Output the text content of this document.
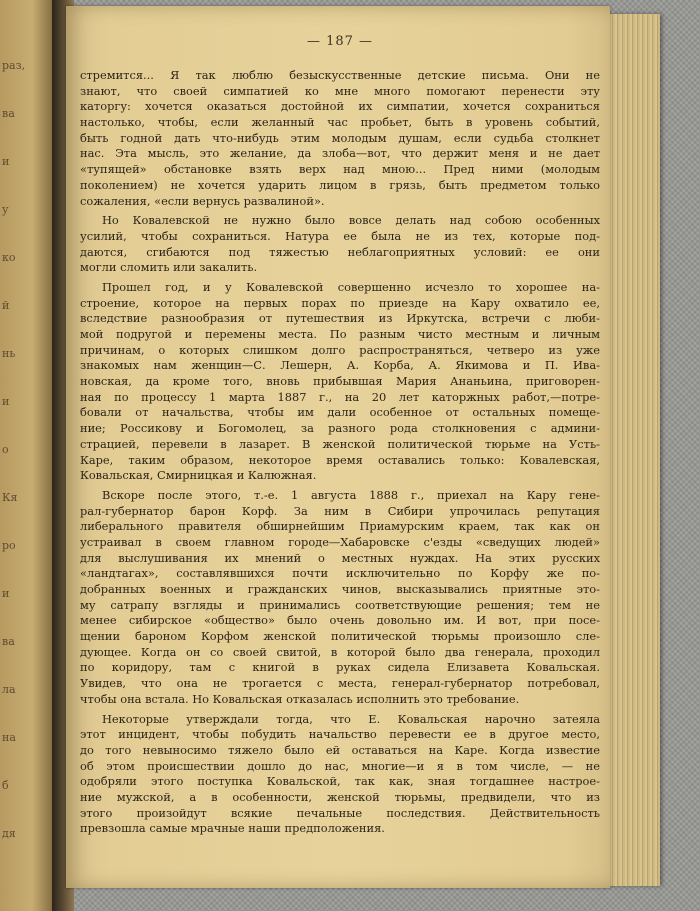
раз,
ва
и
у
ко
й
нь
и
о
Кя
ро
и
ва
ла
на
б
дя
— 187 —
стремится... Я так люблю безыскусственные детские письма. Они не
знают, что своей симпатией ко мне много помогают перенести эту
каторгу: хочется оказаться достойной их симпатии, хочется сохраниться
настолько, чтобы, если желанный час пробьет, быть в уровень событий,
быть годной дать что-нибудь этим молодым душам, если судьба столкнет
нас. Эта мысль, это желание, да злоба—вот, что держит меня и не дает
«тупящей» обстановке взять верх над мною... Пред ними (молодым
поколением) не хочется ударить лицом в грязь, быть предметом только
сожаления, «если вернусь развалиной».
Но Ковалевской не нужно было вовсе делать над собою особенных
усилий, чтобы сохраниться. Натура ее была не из тех, которые под-
даются, сгибаются под тяжестью неблагоприятных условий: ее они
могли сломить или закалить.
Прошел год, и у Ковалевской совершенно исчезло то хорошее на-
строение, которое на первых порах по приезде на Кару охватило ее,
вследствие разнообразия от путешествия из Иркутска, встречи с люби-
мой подругой и перемены места. По разным чисто местным и личным
причинам, о которых слишком долго распространяться, четверо из уже
знакомых нам женщин—С. Лешерн, А. Корба, А. Якимова и П. Ива-
новская, да кроме того, вновь прибывшая Мария Ананьина, приговорен-
ная по процессу 1 марта 1887 г., на 20 лет каторжных работ,—потре-
бовали от начальства, чтобы им дали особенное от остальных помеще-
ние; Россикову и Богомолец, за разного рода столкновения с админи-
страцией, перевели в лазарет. В женской политической тюрьме на Усть-
Каре, таким образом, некоторое время оставались только: Ковалевская,
Ковальская, Смирницкая и Калюжная.
Вскоре после этого, т.-е. 1 августа 1888 г., приехал на Кару гене-
рал-губернатор барон Корф. За ним в Сибири упрочилась репутация
либерального правителя обширнейшим Приамурским краем, так как он
устраивал в своем главном городе—Хабаровске с'езды «сведущих людей»
для выслушивания их мнений о местных нуждах. На этих русских
«ландтагах», составлявшихся почти исключительно по Корфу же по-
добранных военных и гражданских чинов, высказывались приятные это-
му сатрапу взгляды и принимались соответствующие решения; тем не
менее сибирское «общество» было очень довольно им. И вот, при посе-
щении бароном Корфом женской политической тюрьмы произошло сле-
дующее. Когда он со своей свитой, в которой было два генерала, проходил
по коридору, там с книгой в руках сидела Елизавета Ковальская.
Увидев, что она не трогается с места, генерал-губернатор потребовал,
чтобы она встала. Но Ковальская отказалась исполнить это требование.
Некоторые утверждали тогда, что Е. Ковальская нарочно затеяла
этот инцидент, чтобы побудить начальство перевести ее в другое место,
до того невыносимо тяжело было ей оставаться на Каре. Когда известие
об этом происшествии дошло до нас, многие—и я в том числе, — не
одобряли этого поступка Ковальской, так как, зная тогдашнее настрое-
ние мужской, а в особенности, женской тюрьмы, предвидели, что из
этого произойдут всякие печальные последствия. Действительность
превзошла самые мрачные наши предположения.
